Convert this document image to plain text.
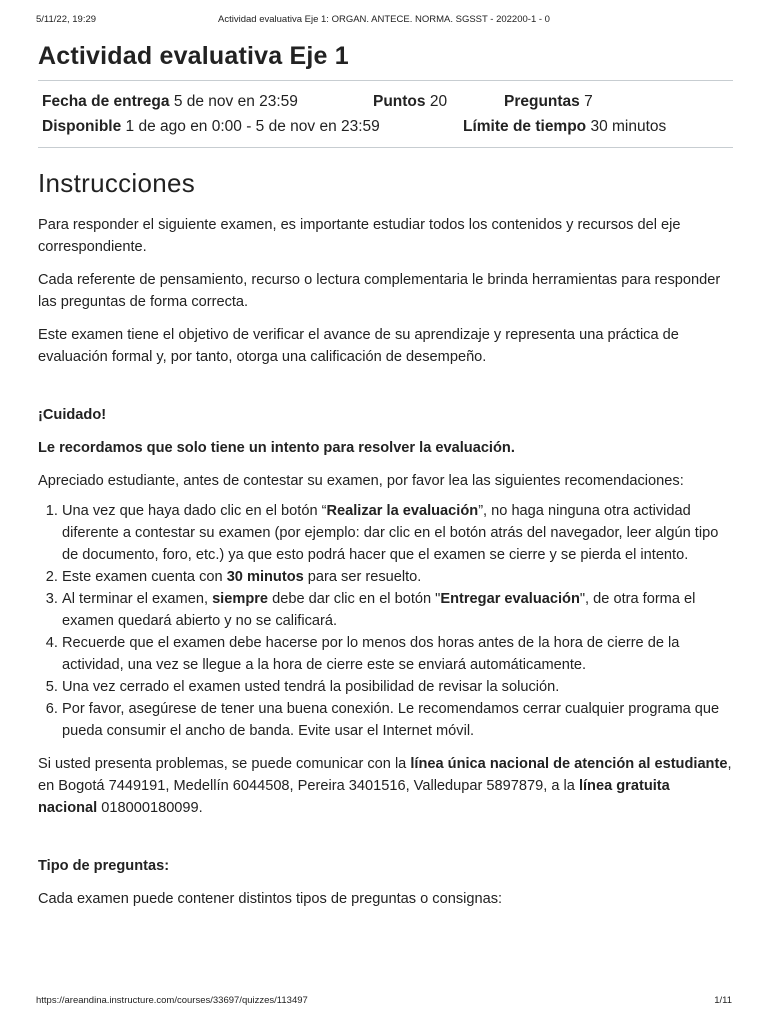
5/11/22, 19:29	Actividad evaluativa Eje 1: ORGAN. ANTECE. NORMA. SGSST - 202200-1 - 0
Actividad evaluativa Eje 1
Fecha de entrega 5 de nov en 23:59	Puntos 20	Preguntas 7
Disponible 1 de ago en 0:00 - 5 de nov en 23:59	Límite de tiempo 30 minutos
Instrucciones

Para responder el siguiente examen, es importante estudiar todos los contenidos y recursos del eje correspondiente.

Cada referente de pensamiento, recurso o lectura complementaria le brinda herramientas para responder las preguntas de forma correcta.

Este examen tiene el objetivo de verificar el avance de su aprendizaje y representa una práctica de evaluación formal y, por tanto, otorga una calificación de desempeño.

¡Cuidado!

Le recordamos que solo tiene un intento para resolver la evaluación.

Apreciado estudiante, antes de contestar su examen, por favor lea las siguientes recomendaciones:

1. Una vez que haya dado clic en el botón “Realizar la evaluación”, no haga ninguna otra actividad diferente a contestar su examen (por ejemplo: dar clic en el botón atrás del navegador, leer algún tipo de documento, foro, etc.) ya que esto podrá hacer que el examen se cierre y se pierda el intento.
2. Este examen cuenta con 30 minutos para ser resuelto.
3. Al terminar el examen, siempre debe dar clic en el botón "Entregar evaluación", de otra forma el examen quedará abierto y no se calificará.
4. Recuerde que el examen debe hacerse por lo menos dos horas antes de la hora de cierre de la actividad, una vez se llegue a la hora de cierre este se enviará automáticamente.
5. Una vez cerrado el examen usted tendrá la posibilidad de revisar la solución.
6. Por favor, asegúrese de tener una buena conexión. Le recomendamos cerrar cualquier programa que pueda consumir el ancho de banda. Evite usar el Internet móvil.

Si usted presenta problemas, se puede comunicar con la línea única nacional de atención al estudiante, en Bogotá 7449191, Medellín 6044508, Pereira 3401516, Valledupar 5897879, a la línea gratuita nacional 018000180099.

Tipo de preguntas:

Cada examen puede contener distintos tipos de preguntas o consignas:

https://areandina.instructure.com/courses/33697/quizzes/113497	1/11
